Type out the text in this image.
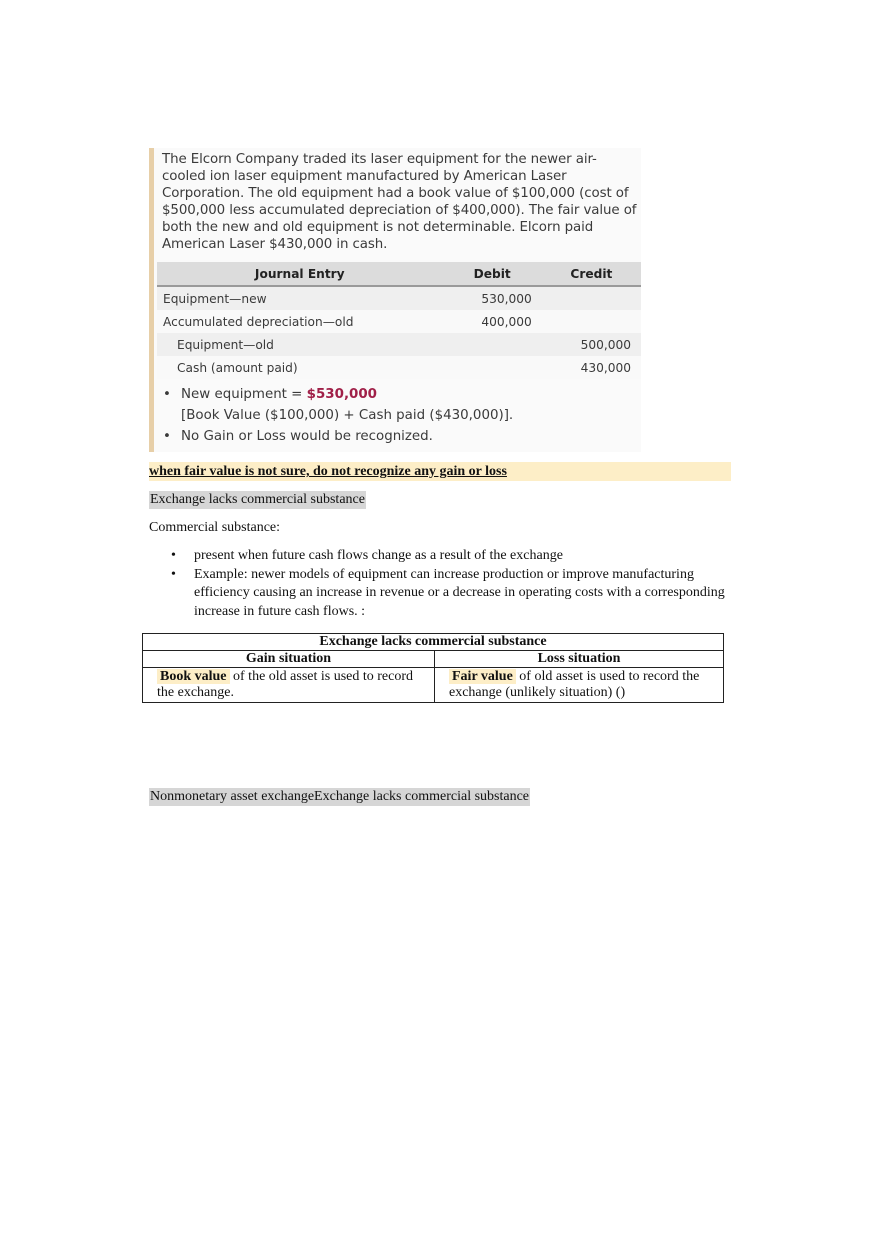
The Elcorn Company traded its laser equipment for the newer air-cooled ion laser equipment manufactured by American Laser Corporation. The old equipment had a book value of $100,000 (cost of $500,000 less accumulated depreciation of $400,000). The fair value of both the new and old equipment is not determinable. Elcorn paid American Laser $430,000 in cash.
Journal Entry	Debit	Credit
Equipment—new	530,000	
Accumulated depreciation—old	400,000	
Equipment—old		500,000
Cash (amount paid)		430,000
• New equipment = $530,000
[Book Value ($100,000) + Cash paid ($430,000)].
• No Gain or Loss would be recognized.
when fair value is not sure, do not recognize any gain or loss
Exchange lacks commercial substance
Commercial substance:
• present when future cash flows change as a result of the exchange
• Example: newer models of equipment can increase production or improve manufacturing efficiency causing an increase in revenue or a decrease in operating costs with a corresponding increase in future cash flows. :
Exchange lacks commercial substance	
Gain situation	Loss situation
Book value of the old asset is used to record the exchange.	Fair value of old asset is used to record the exchange (unlikely situation) ()
Nonmonetary asset exchangeExchange lacks commercial substance
